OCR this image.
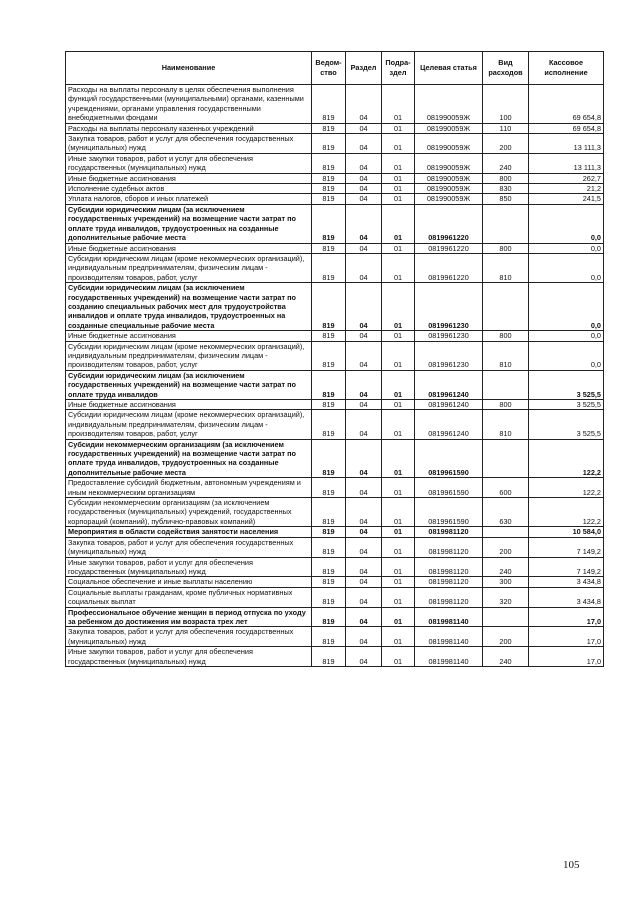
Наименование	Ведом-ство	Раздел	Подра-здел	Целевая статья	Вид расходов	Кассовое исполнение
Расходы на выплаты персоналу в целях обеспечения выполнения функций государственными (муниципальными) органами, казенными учреждениями, органами управления государственными внебюджетными фондами	819	04	01	081990059Ж	100	69 654,8
Расходы на выплаты персоналу казенных учреждений	819	04	01	081990059Ж	110	69 654,8
Закупка товаров, работ и услуг для обеспечения государственных (муниципальных) нужд	819	04	01	081990059Ж	200	13 111,3
Иные закупки товаров, работ и услуг для обеспечения государственных (муниципальных) нужд	819	04	01	081990059Ж	240	13 111,3
Иные бюджетные ассигнования	819	04	01	081990059Ж	800	262,7
Исполнение судебных актов	819	04	01	081990059Ж	830	21,2
Уплата налогов, сборов и иных платежей	819	04	01	081990059Ж	850	241,5
Субсидии юридическим лицам (за исключением государственных учреждений) на возмещение части затрат по оплате труда инвалидов, трудоустроенных на созданные дополнительные рабочие места	819	04	01	0819961220		0,0
Иные бюджетные ассигнования	819	04	01	0819961220	800	0,0
Субсидии юридическим лицам (кроме некоммерческих организаций), индивидуальным предпринимателям, физическим лицам - производителям товаров, работ, услуг	819	04	01	0819961220	810	0,0
Субсидии юридическим лицам (за исключением государственных учреждений) на возмещение части затрат по созданию специальных рабочих мест для трудоустройства инвалидов и оплате труда инвалидов, трудоустроенных на созданные специальные рабочие места	819	04	01	0819961230		0,0
Иные бюджетные ассигнования	819	04	01	0819961230	800	0,0
Субсидии юридическим лицам (кроме некоммерческих организаций), индивидуальным предпринимателям, физическим лицам - производителям товаров, работ, услуг	819	04	01	0819961230	810	0,0
Субсидии юридическим лицам (за исключением государственных учреждений) на возмещение части затрат по оплате труда инвалидов	819	04	01	0819961240		3 525,5
Иные бюджетные ассигнования	819	04	01	0819961240	800	3 525,5
Субсидии юридическим лицам (кроме некоммерческих организаций), индивидуальным предпринимателям, физическим лицам - производителям товаров, работ, услуг	819	04	01	0819961240	810	3 525,5
Субсидии некоммерческим организациям (за исключением государственных учреждений) на возмещение части затрат по оплате труда инвалидов, трудоустроенных на созданные дополнительные рабочие места	819	04	01	0819961590		122,2
Предоставление субсидий бюджетным, автономным учреждениям и иным некоммерческим организациям	819	04	01	0819961590	600	122,2
Субсидии некоммерческим организациям (за исключением государственных (муниципальных) учреждений, государственных корпораций (компаний), публично-правовых компаний)	819	04	01	0819961590	630	122,2
Мероприятия в области содействия занятости населения	819	04	01	0819981120		10 584,0
Закупка товаров, работ и услуг для обеспечения государственных (муниципальных) нужд	819	04	01	0819981120	200	7 149,2
Иные закупки товаров, работ и услуг для обеспечения государственных (муниципальных) нужд	819	04	01	0819981120	240	7 149,2
Социальное обеспечение и иные выплаты населению	819	04	01	0819981120	300	3 434,8
Социальные выплаты гражданам, кроме публичных нормативных социальных выплат	819	04	01	0819981120	320	3 434,8
Профессиональное обучение женщин в период отпуска по уходу за ребенком до достижения им возраста трех лет	819	04	01	0819981140		17,0
Закупка товаров, работ и услуг для обеспечения государственных (муниципальных) нужд	819	04	01	0819981140	200	17,0
Иные закупки товаров, работ и услуг для обеспечения государственных (муниципальных) нужд	819	04	01	0819981140	240	17,0
105
